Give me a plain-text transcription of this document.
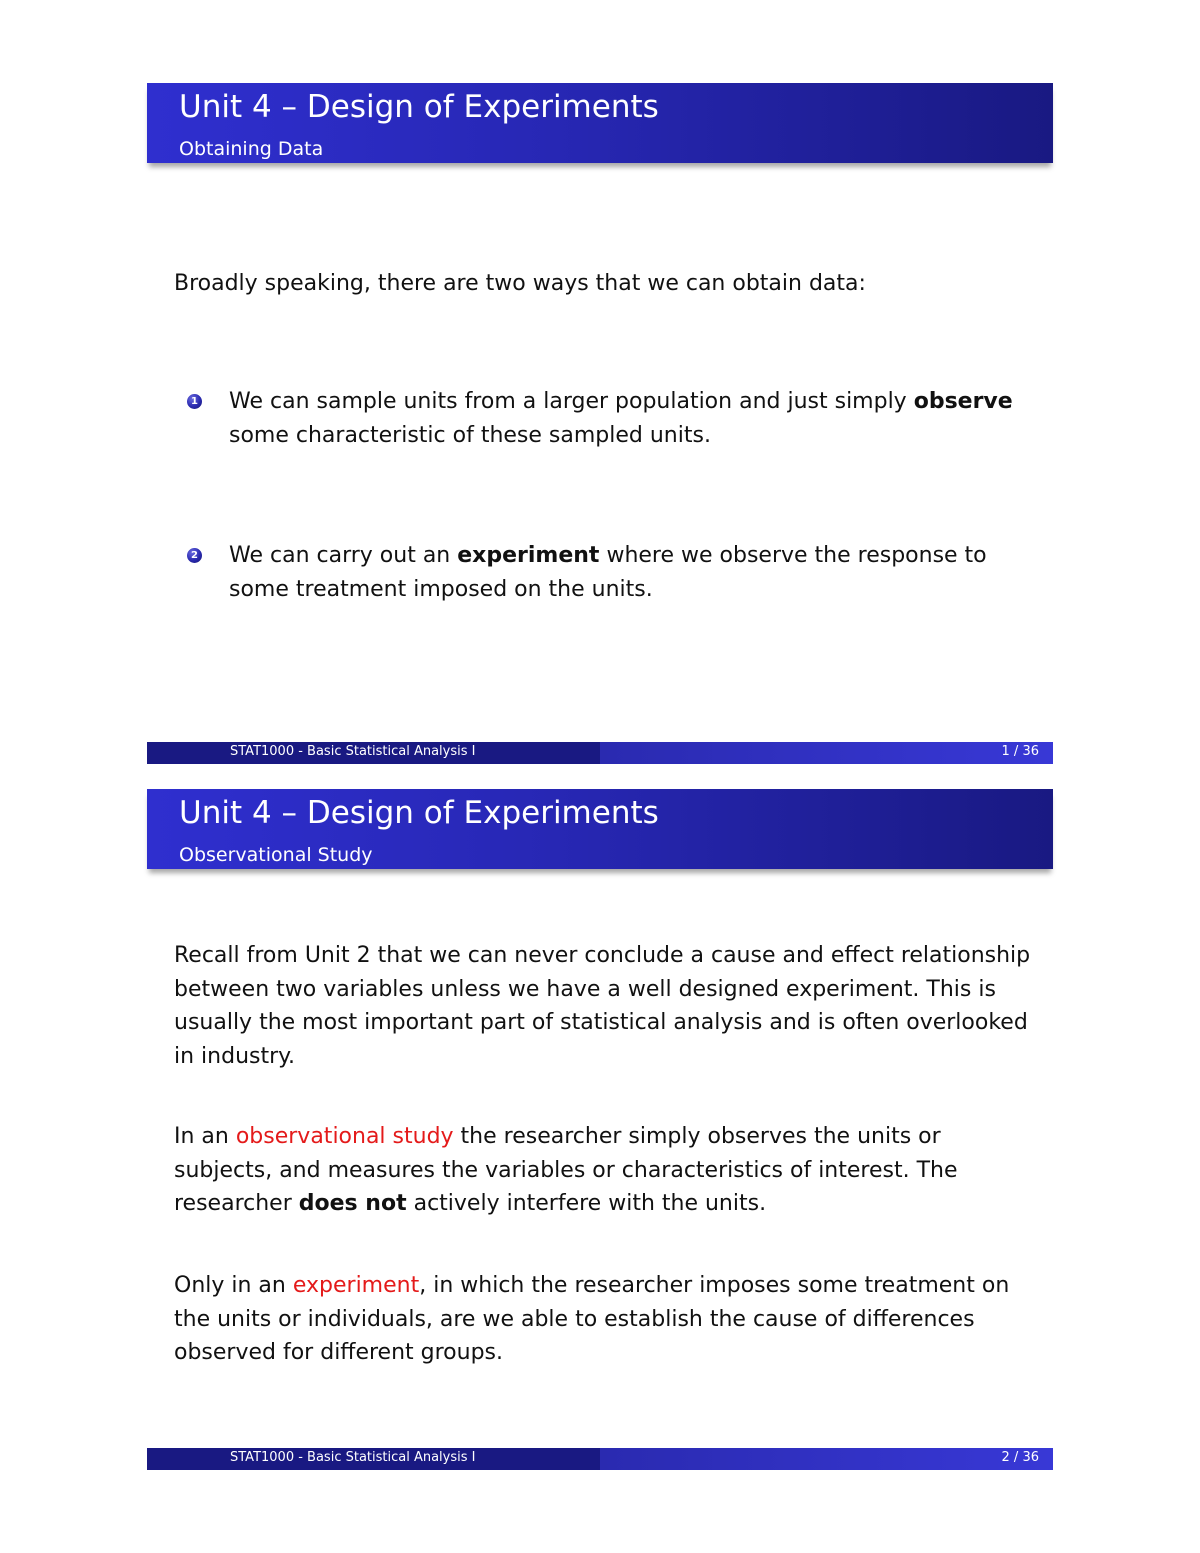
Unit 4 – Design of Experiments
Obtaining Data
Broadly speaking, there are two ways that we can obtain data:
1 We can sample units from a larger population and just simply observe some characteristic of these sampled units.
2 We can carry out an experiment where we observe the response to some treatment imposed on the units.
STAT1000 - Basic Statistical Analysis I	1 / 36
Unit 4 – Design of Experiments
Observational Study
Recall from Unit 2 that we can never conclude a cause and effect relationship between two variables unless we have a well designed experiment. This is usually the most important part of statistical analysis and is often overlooked in industry.
In an observational study the researcher simply observes the units or subjects, and measures the variables or characteristics of interest. The researcher does not actively interfere with the units.
Only in an experiment, in which the researcher imposes some treatment on the units or individuals, are we able to establish the cause of differences observed for different groups.
STAT1000 - Basic Statistical Analysis I	2 / 36
